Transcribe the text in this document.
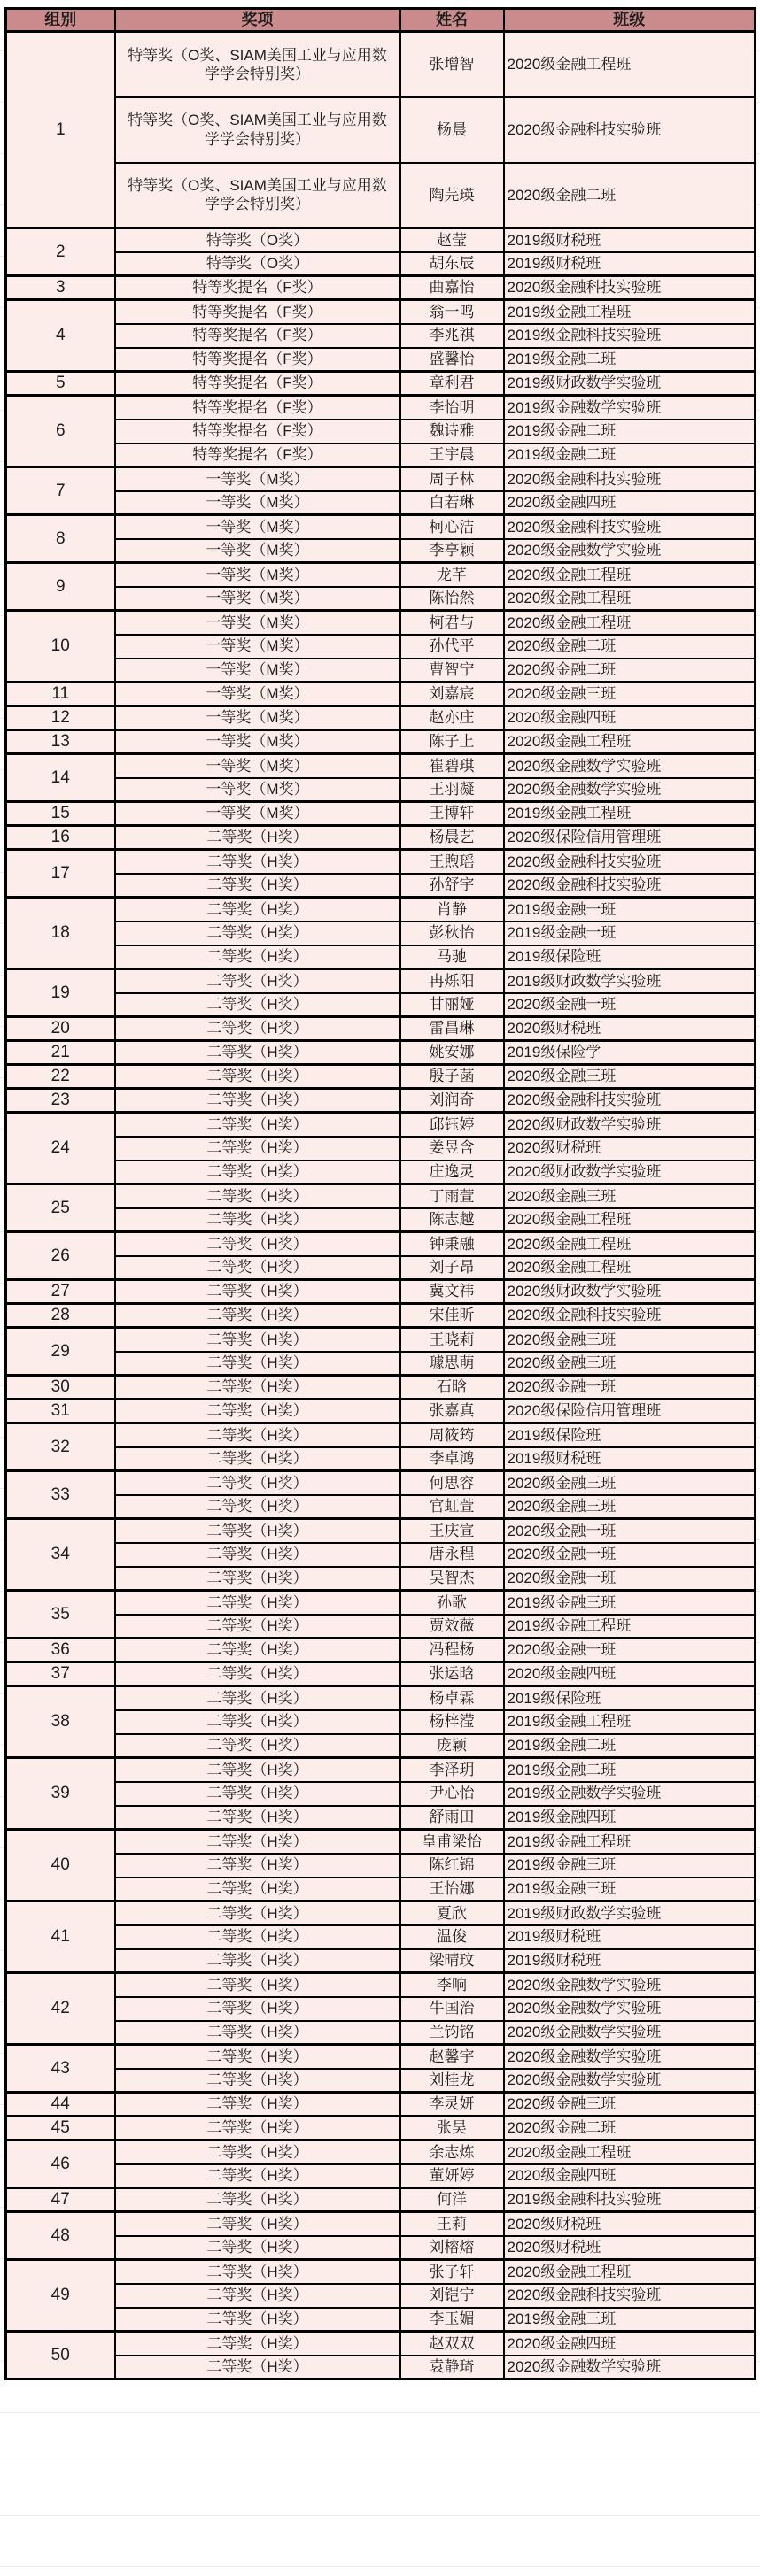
组别	奖项	姓名	班级
1	特等奖（O奖、SIAM美国工业与应用数学学会特别奖）	张增智	2020级金融工程班
	特等奖（O奖、SIAM美国工业与应用数学学会特别奖）	杨晨	2020级金融科技实验班
	特等奖（O奖、SIAM美国工业与应用数学学会特别奖）	陶芫瑛	2020级金融二班
2	特等奖（O奖）	赵莹	2019级财税班
	特等奖（O奖）	胡东辰	2019级财税班
3	特等奖提名（F奖）	曲嘉怡	2020级金融科技实验班
4	特等奖提名（F奖）	翁一鸣	2019级金融工程班
	特等奖提名（F奖）	李兆祺	2019级金融科技实验班
	特等奖提名（F奖）	盛馨怡	2019级金融二班
5	特等奖提名（F奖）	章利君	2019级财政数学实验班
6	特等奖提名（F奖）	李怡明	2019级金融数学实验班
	特等奖提名（F奖）	魏诗雅	2019级金融二班
	特等奖提名（F奖）	王宇晨	2019级金融二班
7	一等奖（M奖）	周子林	2020级金融科技实验班
	一等奖（M奖）	白若琳	2020级金融四班
8	一等奖（M奖）	柯心洁	2020级金融科技实验班
	一等奖（M奖）	李亭颖	2020级金融数学实验班
9	一等奖（M奖）	龙芊	2020级金融工程班
	一等奖（M奖）	陈怡然	2020级金融工程班
10	一等奖（M奖）	柯君与	2020级金融工程班
	一等奖（M奖）	孙代平	2020级金融二班
	一等奖（M奖）	曹智宁	2020级金融二班
11	一等奖（M奖）	刘嘉宸	2020级金融三班
12	一等奖（M奖）	赵亦庄	2020级金融四班
13	一等奖（M奖）	陈子上	2020级金融工程班
14	一等奖（M奖）	崔碧琪	2020级金融数学实验班
	一等奖（M奖）	王羽凝	2020级金融数学实验班
15	一等奖（M奖）	王博轩	2019级金融工程班
16	二等奖（H奖）	杨晨艺	2020级保险信用管理班
17	二等奖（H奖）	王煦瑶	2020级金融科技实验班
	二等奖（H奖）	孙舒宇	2020级金融科技实验班
18	二等奖（H奖）	肖静	2019级金融一班
	二等奖（H奖）	彭秋怡	2019级金融一班
	二等奖（H奖）	马驰	2019级保险班
19	二等奖（H奖）	冉烁阳	2019级财政数学实验班
	二等奖（H奖）	甘丽娅	2020级金融一班
20	二等奖（H奖）	雷昌琳	2020级财税班
21	二等奖（H奖）	姚安娜	2019级保险学
22	二等奖（H奖）	殷子菡	2020级金融三班
23	二等奖（H奖）	刘润奇	2020级金融科技实验班
24	二等奖（H奖）	邱钰婷	2020级财政数学实验班
	二等奖（H奖）	姜昱含	2020级财税班
	二等奖（H奖）	庄逸灵	2020级财政数学实验班
25	二等奖（H奖）	丁雨萱	2020级金融三班
	二等奖（H奖）	陈志越	2020级金融工程班
26	二等奖（H奖）	钟秉融	2020级金融工程班
	二等奖（H奖）	刘子昂	2020级金融工程班
27	二等奖（H奖）	冀文祎	2020级财政数学实验班
28	二等奖（H奖）	宋佳昕	2020级金融科技实验班
29	二等奖（H奖）	王晓莉	2020级金融三班
	二等奖（H奖）	璩思萌	2020级金融三班
30	二等奖（H奖）	石晗	2020级金融一班
31	二等奖（H奖）	张嘉真	2020级保险信用管理班
32	二等奖（H奖）	周筱筠	2019级保险班
	二等奖（H奖）	李卓鸿	2019级财税班
33	二等奖（H奖）	何思容	2020级金融三班
	二等奖（H奖）	官虹萱	2020级金融三班
34	二等奖（H奖）	王庆宣	2020级金融一班
	二等奖（H奖）	唐永程	2020级金融一班
	二等奖（H奖）	吴智杰	2020级金融一班
35	二等奖（H奖）	孙歌	2019级金融三班
	二等奖（H奖）	贾效薇	2019级金融工程班
36	二等奖（H奖）	冯程杨	2020级金融一班
37	二等奖（H奖）	张运晗	2020级金融四班
38	二等奖（H奖）	杨卓霖	2019级保险班
	二等奖（H奖）	杨梓滢	2019级金融工程班
	二等奖（H奖）	庞颖	2019级金融二班
39	二等奖（H奖）	李泽玥	2019级金融二班
	二等奖（H奖）	尹心怡	2019级金融数学实验班
	二等奖（H奖）	舒雨田	2019级金融四班
40	二等奖（H奖）	皇甫梁怡	2019级金融工程班
	二等奖（H奖）	陈红锦	2019级金融三班
	二等奖（H奖）	王怡娜	2019级金融三班
41	二等奖（H奖）	夏欣	2019级财政数学实验班
	二等奖（H奖）	温俊	2019级财税班
	二等奖（H奖）	梁晴玟	2019级财税班
42	二等奖（H奖）	李响	2020级金融数学实验班
	二等奖（H奖）	牛国治	2020级金融数学实验班
	二等奖（H奖）	兰钧铭	2020级金融数学实验班
43	二等奖（H奖）	赵馨宇	2020级金融数学实验班
	二等奖（H奖）	刘桂龙	2020级金融数学实验班
44	二等奖（H奖）	李灵妍	2020级金融三班
45	二等奖（H奖）	张昊	2020级金融二班
46	二等奖（H奖）	余志炼	2020级金融工程班
	二等奖（H奖）	董妍婷	2020级金融四班
47	二等奖（H奖）	何洋	2019级金融科技实验班
48	二等奖（H奖）	王莉	2020级财税班
	二等奖（H奖）	刘榕熔	2020级财税班
49	二等奖（H奖）	张子轩	2020级金融工程班
	二等奖（H奖）	刘铠宁	2020级金融科技实验班
	二等奖（H奖）	李玉媚	2019级金融三班
50	二等奖（H奖）	赵双双	2020级金融四班
	二等奖（H奖）	袁静琦	2020级金融数学实验班
